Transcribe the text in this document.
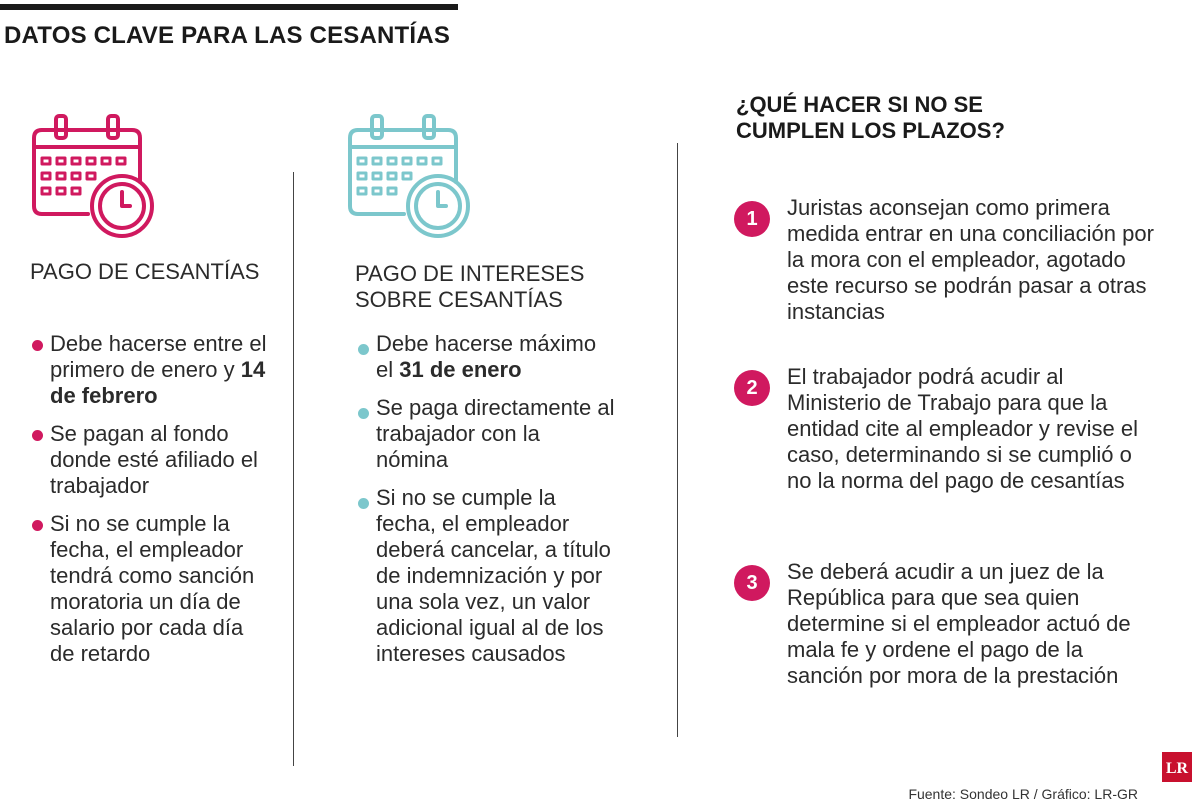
DATOS CLAVE PARA LAS CESANTÍAS
PAGO DE CESANTÍAS
Debe hacerse entre el primero de enero y 14 de febrero
Se pagan al fondo donde esté afiliado el trabajador
Si no se cumple la fecha, el empleador tendrá como sanción moratoria un día de salario por cada día de retardo
PAGO DE INTERESES SOBRE CESANTÍAS
Debe hacerse máximo el 31 de enero
Se paga directamente al trabajador con la nómina
Si no se cumple la fecha, el empleador deberá cancelar, a título de indemnización y por una sola vez, un valor adicional igual al de los intereses causados
¿QUÉ HACER SI NO SE CUMPLEN LOS PLAZOS?
1	Juristas aconsejan como primera medida entrar en una conciliación por la mora con el empleador, agotado este recurso se podrán pasar a otras instancias
2	El trabajador podrá acudir al Ministerio de Trabajo para que la entidad cite al empleador y revise el caso, determinando si se cumplió o no la norma del pago de cesantías
3	Se deberá acudir a un juez de la República para que sea quien determine si el empleador actuó de mala fe y ordene el pago de la sanción por mora de la prestación
LR
Fuente: Sondeo LR / Gráfico: LR-GR
